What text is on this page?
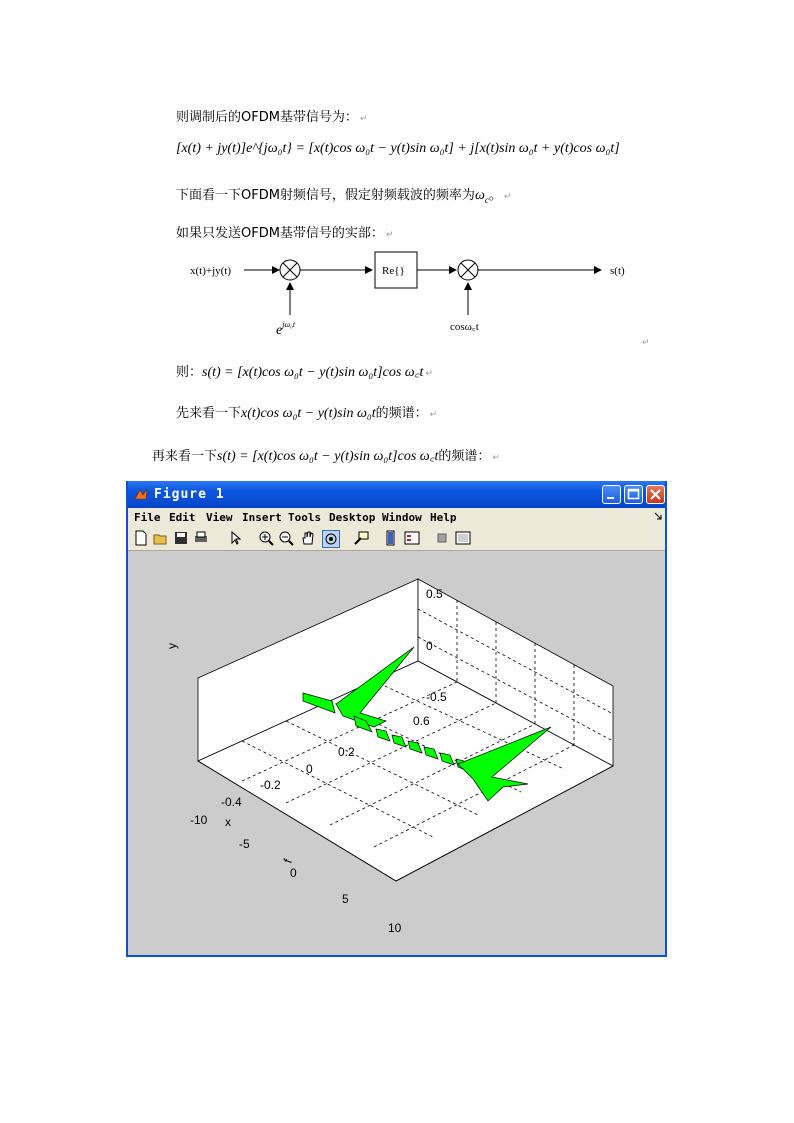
则调制后的OFDM基带信号为： ↵
[x(t) + jy(t)]e^{jω₀t} = [x(t)cos ω₀t − y(t)sin ω₀t] + j[x(t)sin ω₀t + y(t)cos ω₀t]
下面看一下OFDM射频信号，假定射频载波的频率为$\omega_c$。 ↵
如果只发送OFDM基带信号的实部： ↵
x(t)+jy(t)	Re{}	s(t)
$e^{j\omega_0t}$	cosω꜀t
↵
则：s(t) = [x(t)cos ω₀t − y(t)sin ω₀t]cos ω꜀t ↵
先来看一下x(t)cos ω₀t − y(t)sin ω₀t的频谱： ↵
再来看一下s(t) = [x(t)cos ω₀t − y(t)sin ω₀t]cos ω꜀t的频谱： ↵
Figure 1
File Edit View Insert Tools Desktop Window Help
y
x
f
0.5
0
-0.5
0.6
0.2
0
-0.2
-0.4
-10
-5
0
5
10
